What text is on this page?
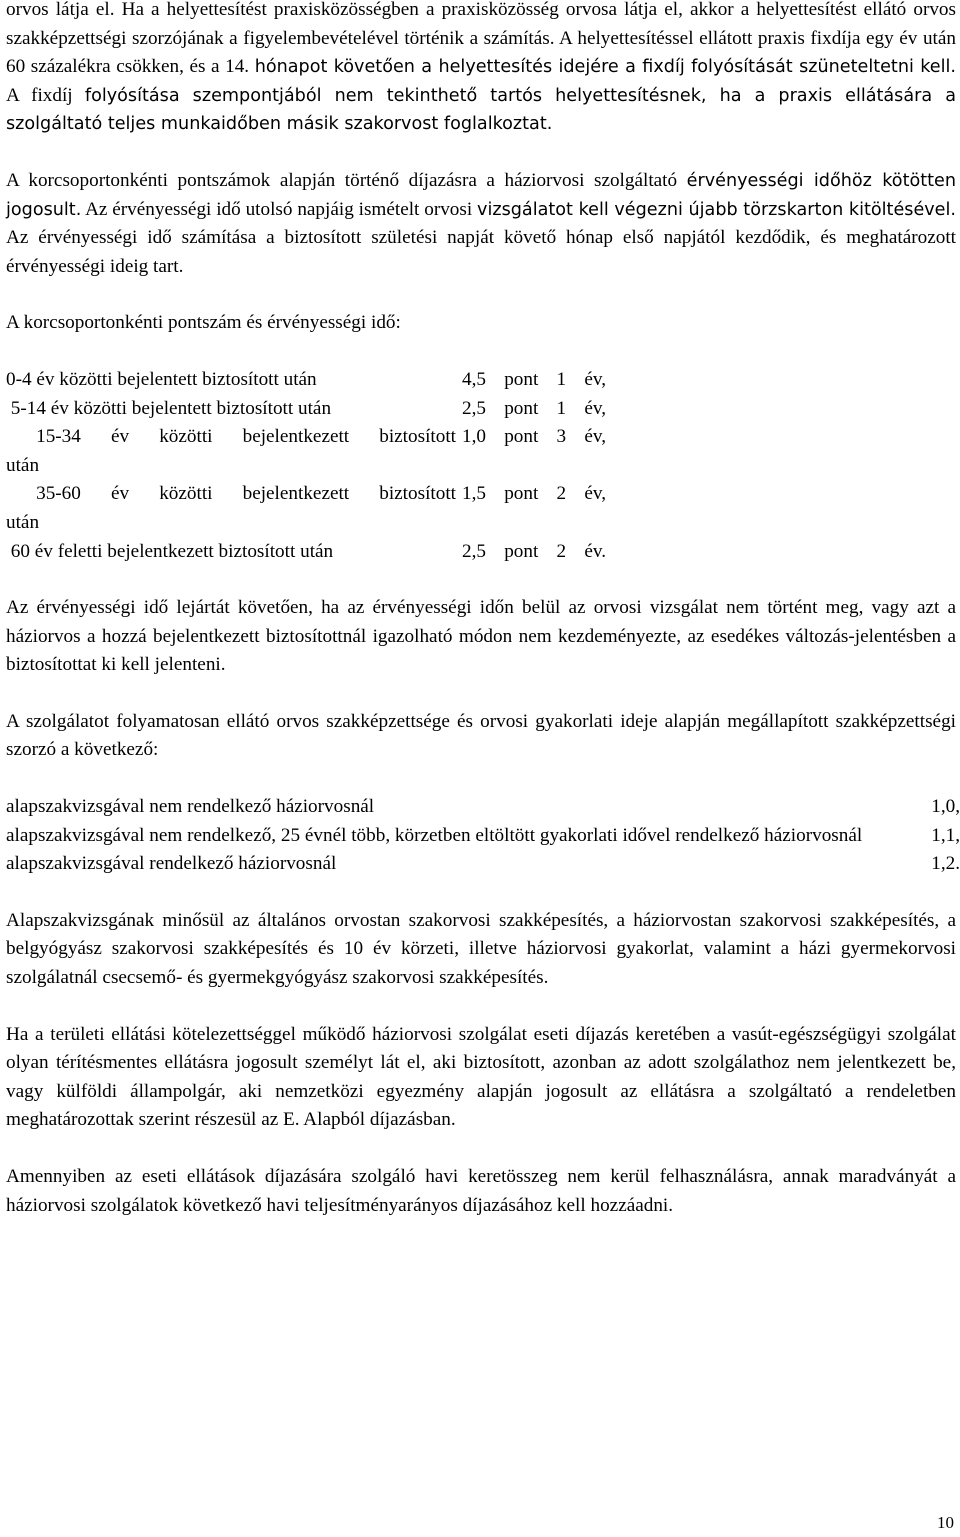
orvos látja el. Ha a helyettesítést praxisközösségben a praxisközösség orvosa látja el, akkor a helyettesítést ellátó orvos szakképzettségi szorzójának a figyelembevételével történik a számítás. A helyettesítéssel ellátott praxis fixdíja egy év után 60 százalékra csökken, és a 14. hónapot követően a helyettesítés idejére a fixdíj folyósítását szüneteltetni kell. A fixdíj folyósítása szempontjából nem tekinthető tartós helyettesítésnek, ha a praxis ellátására a szolgáltató teljes munkaidőben másik szakorvost foglalkoztat.

A korcsoportonkénti pontszámok alapján történő díjazásra a háziorvosi szolgáltató érvényességi időhöz kötötten jogosult. Az érvényességi idő utolsó napjáig ismételt orvosi vizsgálatot kell végezni újabb törzskarton kitöltésével. Az érvényességi idő számítása a biztosított születési napját követő hónap első napjától kezdődik, és meghatározott érvényességi ideig tart.

A korcsoportonkénti pontszám és érvényességi idő:

0-4 év közötti bejelentett biztosított után	4,5 pont 1 év,

5-14 év közötti bejelentett biztosított után	2,5 pont 1 év,

15-34 év közötti bejelentkezett biztosított
után	1,0 pont 3 év,

35-60 év közötti bejelentkezett biztosított
után	1,5 pont 2 év,

60 év feletti bejelentkezett biztosított után	2,5 pont 2 év.

Az érvényességi idő lejártát követően, ha az érvényességi időn belül az orvosi vizsgálat nem történt meg, vagy azt a háziorvos a hozzá bejelentkezett biztosítottnál igazolható módon nem kezdeményezte, az esedékes változás-jelentésben a biztosítottat ki kell jelenteni.

A szolgálatot folyamatosan ellátó orvos szakképzettsége és orvosi gyakorlati ideje alapján megállapított szakképzettségi szorzó a következő:

alapszakvizsgával nem rendelkező háziorvosnál	1,0,
alapszakvizsgával nem rendelkező, 25 évnél több, körzetben eltöltött gyakorlati idővel rendelkező háziorvosnál	1,1,
alapszakvizsgával rendelkező háziorvosnál	1,2.

Alapszakvizsgának minősül az általános orvostan szakorvosi szakképesítés, a háziorvostan szakorvosi szakképesítés, a belgyógyász szakorvosi szakképesítés és 10 év körzeti, illetve háziorvosi gyakorlat, valamint a házi gyermekorvosi szolgálatnál csecsemő- és gyermekgyógyász szakorvosi szakképesítés.

Ha a területi ellátási kötelezettséggel működő háziorvosi szolgálat eseti díjazás keretében a vasút-egészségügyi szolgálat olyan térítésmentes ellátásra jogosult személyt lát el, aki biztosított, azonban az adott szolgálathoz nem jelentkezett be, vagy külföldi állampolgár, aki nemzetközi egyezmény alapján jogosult az ellátásra a szolgáltató a rendeletben meghatározottak szerint részesül az E. Alapból díjazásban.

Amennyiben az eseti ellátások díjazására szolgáló havi keretösszeg nem kerül felhasználásra, annak maradványát a háziorvosi szolgálatok következő havi teljesítményarányos díjazásához kell hozzáadni.

10
